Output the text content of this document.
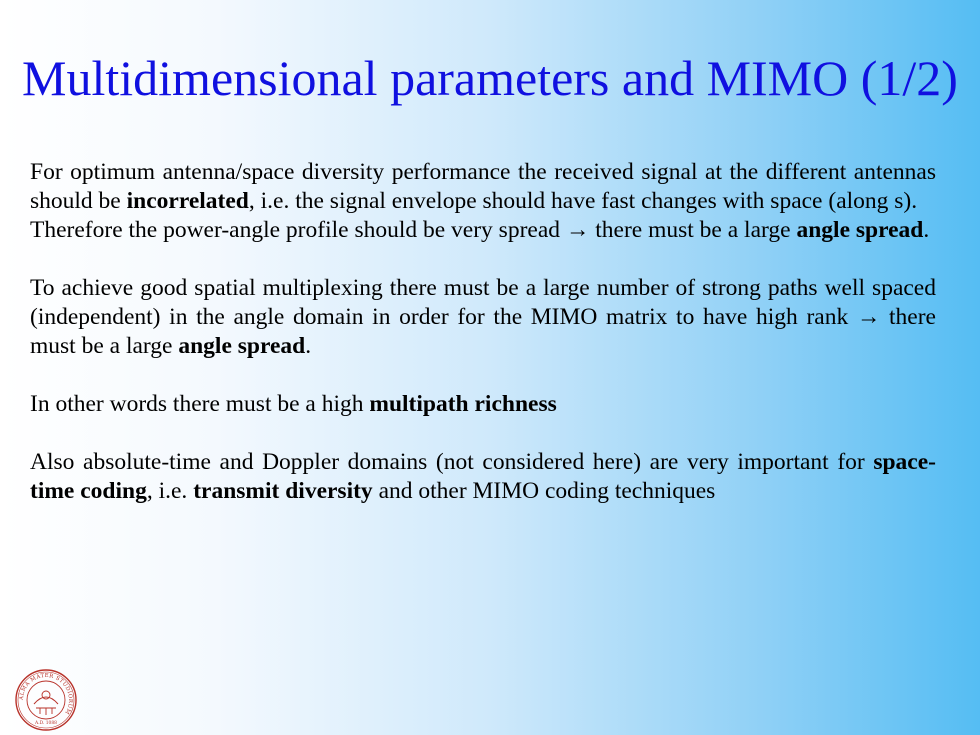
Multidimensional parameters and MIMO (1/2)

For optimum antenna/space diversity performance the received signal at the different antennas should be incorrelated, i.e. the signal envelope should have fast changes with space (along s).

Therefore the power-angle profile should be very spread → there must be a large angle spread.

To achieve good spatial multiplexing there must be a large number of strong paths well spaced (independent) in the angle domain in order for the MIMO matrix to have high rank → there must be a large angle spread.

In other words there must be a high multipath richness

Also absolute-time and Doppler domains (not considered here) are very important for space-time coding, i.e. transmit diversity and other MIMO coding techniques

ALMA MATER STUDIORUM
A.D. 1088
